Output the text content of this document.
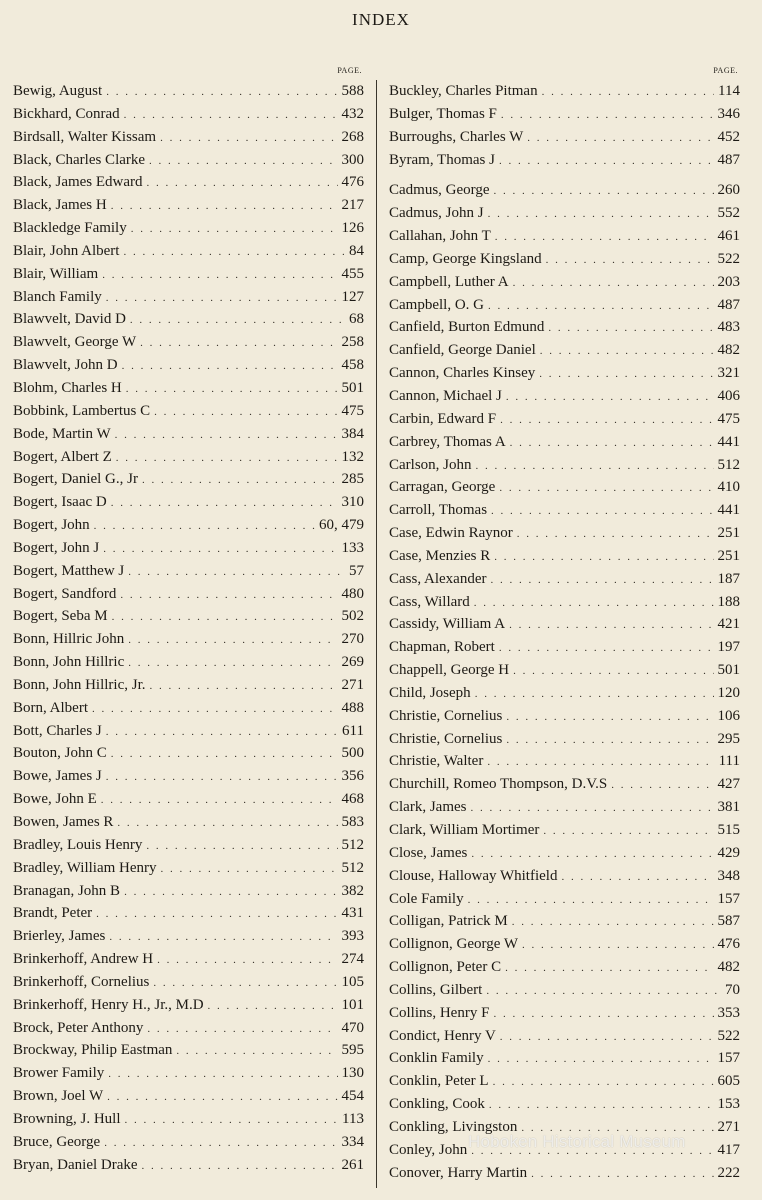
INDEX
PAGE.
Bewig, August . . .	588
Bickhard, Conrad . . .	432
Birdsall, Walter Kissam . . .	268
Black, Charles Clarke . . .	300
Black, James Edward . . .	476
Black, James H . . .	217
Blackledge Family . . .	126
Blair, John Albert . . .	84
Blair, William . . .	455
Blanch Family . . .	127
Blawvelt, David D . . .	68
Blawvelt, George W . . .	258
Blawvelt, John D . . .	458
Blohm, Charles H . . .	501
Bobbink, Lambertus C . . .	475
Bode, Martin W . . .	384
Bogert, Albert Z . . .	132
Bogert, Daniel G., Jr . . .	285
Bogert, Isaac D . . .	310
Bogert, John . . .	60, 479
Bogert, John J . . .	133
Bogert, Matthew J . . .	57
Bogert, Sandford . . .	480
Bogert, Seba M . . .	502
Bonn, Hillric John . . .	270
Bonn, John Hillric . . .	269
Bonn, John Hillric, Jr. . . .	271
Born, Albert . . .	488
Bott, Charles J . . .	611
Bouton, John C . . .	500
Bowe, James J . . .	356
Bowe, John E . . .	468
Bowen, James R . . .	583
Bradley, Louis Henry . . .	512
Bradley, William Henry . . .	512
Branagan, John B . . .	382
Brandt, Peter . . .	431
Brierley, James . . .	393
Brinkerhoff, Andrew H . . .	274
Brinkerhoff, Cornelius . . .	105
Brinkerhoff, Henry H., Jr., M.D . . .	101
Brock, Peter Anthony . . .	470
Brockway, Philip Eastman . . .	595
Brower Family . . .	130
Brown, Joel W . . .	454
Browning, J. Hull . . .	113
Bruce, George . . .	334
Bryan, Daniel Drake . . .	261
PAGE.
Buckley, Charles Pitman . . .	114
Bulger, Thomas F . . .	346
Burroughs, Charles W . . .	452
Byram, Thomas J . . .	487
Cadmus, George . . .	260
Cadmus, John J . . .	552
Callahan, John T . . .	461
Camp, George Kingsland . . .	522
Campbell, Luther A . . .	203
Campbell, O. G . . .	487
Canfield, Burton Edmund . . .	483
Canfield, George Daniel . . .	482
Cannon, Charles Kinsey . . .	321
Cannon, Michael J . . .	406
Carbin, Edward F . . .	475
Carbrey, Thomas A . . .	441
Carlson, John . . .	512
Carragan, George . . .	410
Carroll, Thomas . . .	441
Case, Edwin Raynor . . .	251
Case, Menzies R . . .	251
Cass, Alexander . . .	187
Cass, Willard . . .	188
Cassidy, William A . . .	421
Chapman, Robert . . .	197
Chappell, George H . . .	501
Child, Joseph . . .	120
Christie, Cornelius . . .	106
Christie, Cornelius . . .	295
Christie, Walter . . .	111
Churchill, Romeo Thompson, D.V.S . . .	427
Clark, James . . .	381
Clark, William Mortimer . . .	515
Close, James . . .	429
Clouse, Halloway Whitfield . . .	348
Cole Family . . .	157
Colligan, Patrick M . . .	587
Collignon, George W . . .	476
Collignon, Peter C . . .	482
Collins, Gilbert . . .	70
Collins, Henry F . . .	353
Condict, Henry V . . .	522
Conklin Family . . .	157
Conklin, Peter L . . .	605
Conkling, Cook . . .	153
Conkling, Livingston . . .	271
Conley, John . . .	417
Conover, Harry Martin . . .	222
Hoboken Historical Museum
